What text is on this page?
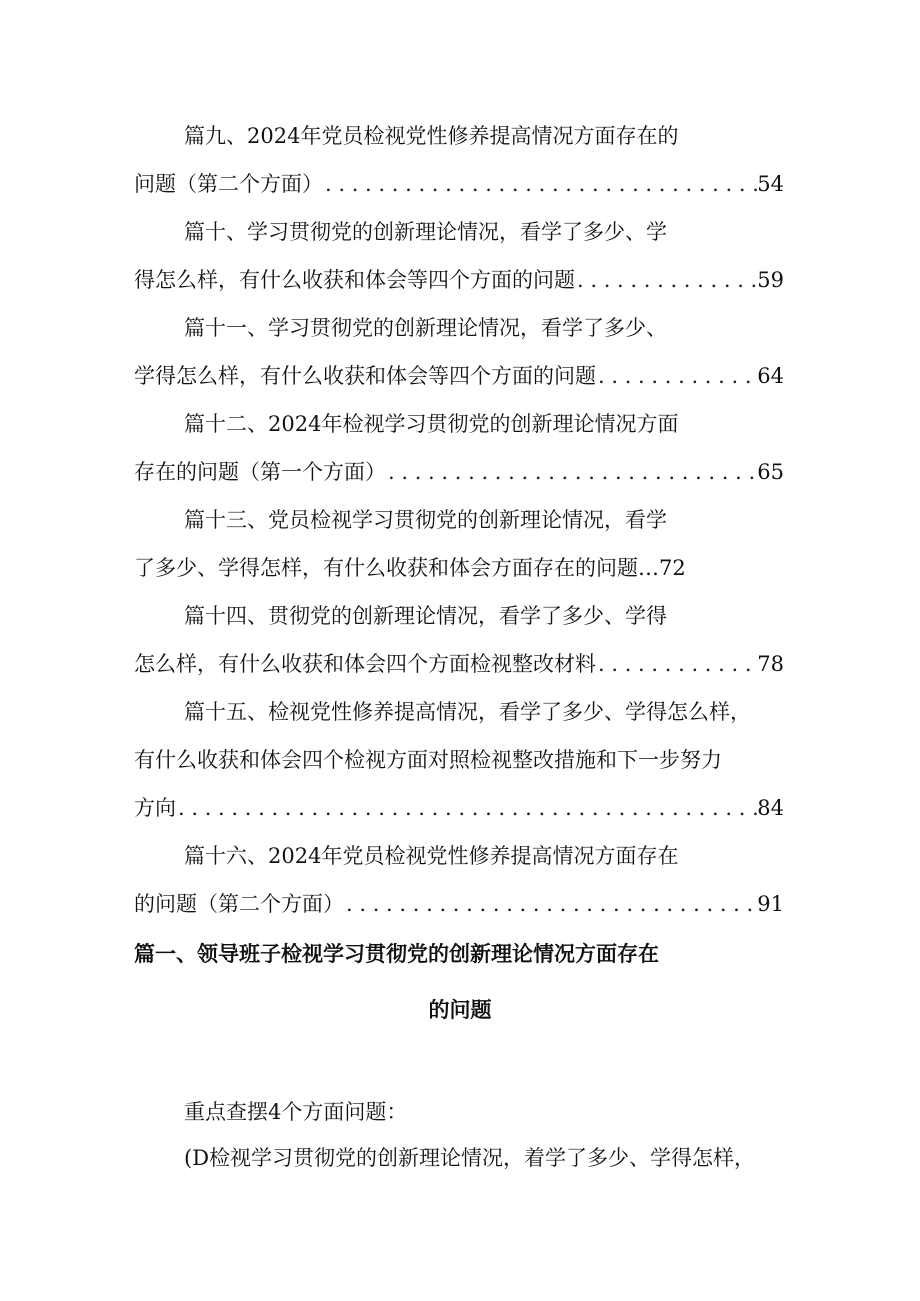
篇九、2024年党员检视党性修养提高情况方面存在的
问题（第二个方面） . . .	54
篇十、学习贯彻党的创新理论情况，看学了多少、学
得怎么样，有什么收获和体会等四个方面的问题 . . .	59
篇十一、学习贯彻党的创新理论情况，看学了多少、
学得怎么样，有什么收获和体会等四个方面的问题 . . .	64
篇十二、2024年检视学习贯彻党的创新理论情况方面
存在的问题（第一个方面） . . .	65
篇十三、党员检视学习贯彻党的创新理论情况，看学
了多少、学得怎样，有什么收获和体会方面存在的问题… 72
篇十四、贯彻党的创新理论情况，看学了多少、学得
怎么样，有什么收获和体会四个方面检视整改材料 . . .	78
篇十五、检视党性修养提高情况，看学了多少、学得怎么样，
有什么收获和体会四个检视方面对照检视整改措施和下一步努力
方向 . . .	84
篇十六、2024年党员检视党性修养提高情况方面存在
的问题（第二个方面） . . .	91
篇一、领导班子检视学习贯彻党的创新理论情况方面存在
的问题
重点查摆4个方面问题：
(D检视学习贯彻党的创新理论情况，着学了多少、学得怎样，
